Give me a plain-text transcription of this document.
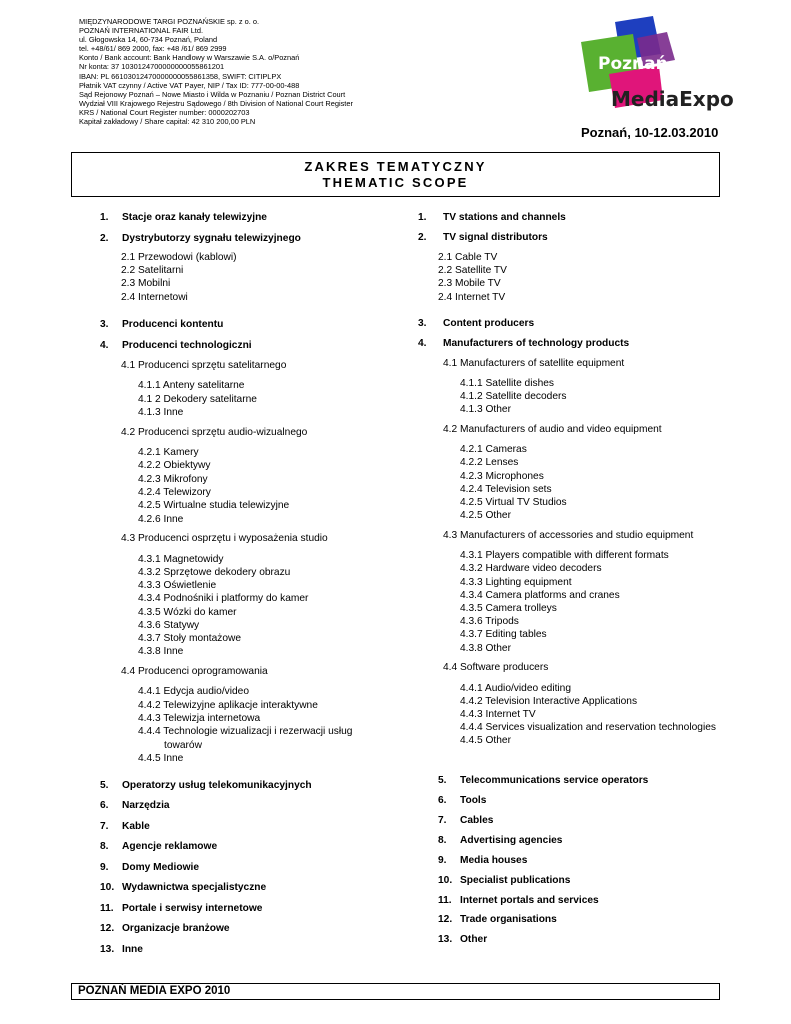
MIĘDZYNARODOWE TARGI POZNAŃSKIE sp. z o. o.
POZNAŃ INTERNATIONAL FAIR Ltd.
ul. Głogowska 14, 60-734 Poznań, Poland
tel. +48/61/ 869 2000, fax: +48 /61/ 869 2999
Konto / Bank account: Bank Handlowy w Warszawie S.A. o/Poznań
Nr konta: 37 1030124700000000055861201
IBAN: PL 66103012470000000055861358, SWIFT: CITIPLPX
Płatnik VAT czynny / Active VAT Payer, NIP / Tax ID: 777-00-00-488
Sąd Rejonowy Poznań – Nowe Miasto i Wilda w Poznaniu / Poznan District Court
Wydział VIII Krajowego Rejestru Sądowego / 8th Division of National Court Register
KRS / National Court Register number: 0000202703
Kapitał zakładowy / Share capital: 42 310 200,00 PLN
Poznań
MediaExpo
Poznań, 10-12.03.2010
ZAKRES TEMATYCZNY
THEMATIC SCOPE
1. Stacje oraz kanały telewizyjne
2. Dystrybutorzy sygnału telewizyjnego
2.1 Przewodowi (kablowi)
2.2 Satelitarni
2.3 Mobilni
2.4 Internetowi
3. Producenci kontentu
4. Producenci technologiczni
4.1 Producenci sprzętu satelitarnego
4.1.1 Anteny satelitarne
4.1 2 Dekodery satelitarne
4.1.3 Inne
4.2 Producenci sprzętu audio-wizualnego
4.2.1 Kamery
4.2.2 Obiektywy
4.2.3 Mikrofony
4.2.4 Telewizory
4.2.5 Wirtualne studia telewizyjne
4.2.6 Inne
4.3 Producenci osprzętu i wyposażenia studio
4.3.1 Magnetowidy
4.3.2 Sprzętowe dekodery obrazu
4.3.3 Oświetlenie
4.3.4 Podnośniki i platformy do kamer
4.3.5 Wózki do kamer
4.3.6 Statywy
4.3.7 Stoły montażowe
4.3.8 Inne
4.4 Producenci oprogramowania
4.4.1 Edycja audio/video
4.4.2 Telewizyjne aplikacje interaktywne
4.4.3 Telewizja internetowa
4.4.4 Technologie wizualizacji i rezerwacji usług
towarów
4.4.5 Inne
5. Operatorzy usług telekomunikacyjnych
6. Narzędzia
7. Kable
8. Agencje reklamowe
9. Domy Mediowie
10. Wydawnictwa specjalistyczne
11. Portale i serwisy internetowe
12. Organizacje branżowe
13. Inne
1. TV stations and channels
2. TV signal distributors
2.1 Cable TV
2.2 Satellite TV
2.3 Mobile TV
2.4 Internet TV
3. Content producers
4. Manufacturers of technology products
4.1 Manufacturers of satellite equipment
4.1.1 Satellite dishes
4.1.2 Satellite decoders
4.1.3 Other
4.2 Manufacturers of audio and video equipment
4.2.1 Cameras
4.2.2 Lenses
4.2.3 Microphones
4.2.4 Television sets
4.2.5 Virtual TV Studios
4.2.5 Other
4.3 Manufacturers of accessories and studio equipment
4.3.1 Players compatible with different formats
4.3.2 Hardware video decoders
4.3.3 Lighting equipment
4.3.4 Camera platforms and cranes
4.3.5 Camera trolleys
4.3.6 Tripods
4.3.7 Editing tables
4.3.8 Other
4.4 Software producers
4.4.1 Audio/video editing
4.4.2 Television Interactive Applications
4.4.3 Internet TV
4.4.4 Services visualization and reservation technologies
4.4.5 Other
5. Telecommunications service operators
6. Tools
7. Cables
8. Advertising agencies
9. Media houses
10. Specialist publications
11. Internet portals and services
12. Trade organisations
13. Other
POZNAŃ MEDIA EXPO 2010
